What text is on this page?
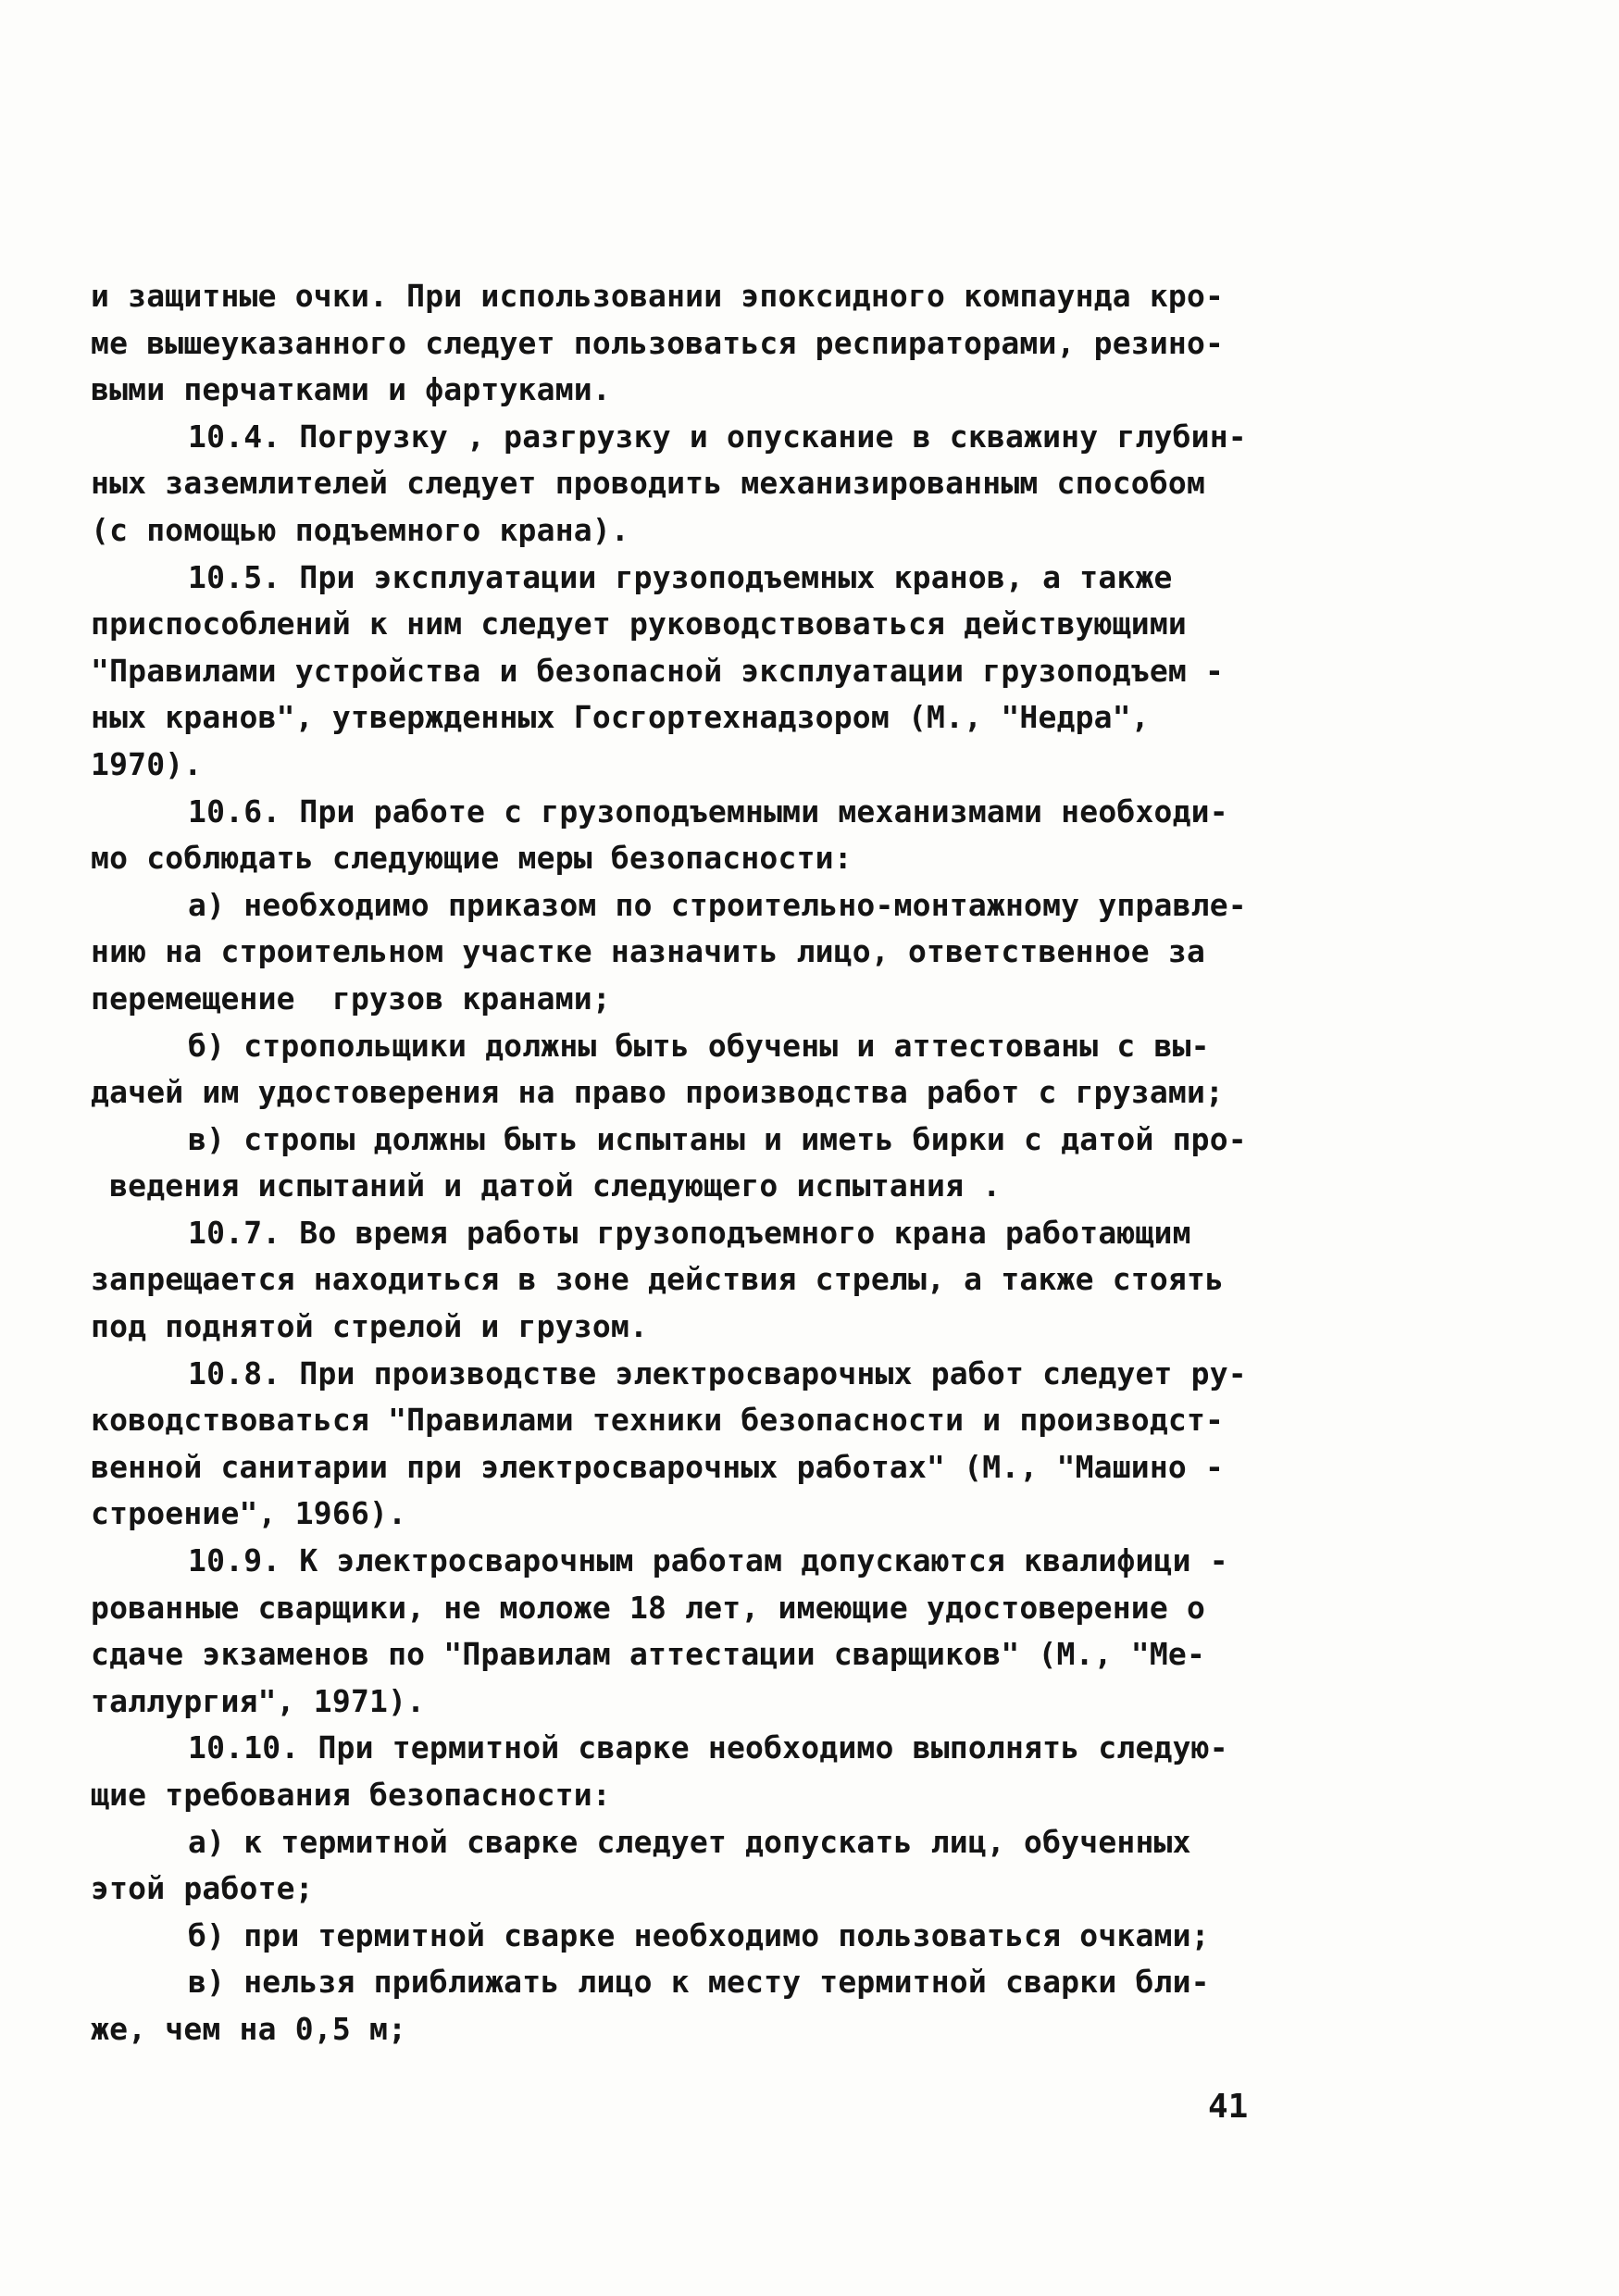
и защитные очки. При использовании эпоксидного компаунда кро-
ме вышеуказанного следует пользоваться респираторами, резино-
выми перчатками и фартуками.
10.4. Погрузку , разгрузку и опускание в скважину глубин-
ных заземлителей следует проводить механизированным способом
(с помощью подъемного крана).
10.5. При эксплуатации грузоподъемных кранов, а также
приспособлений к ним следует руководствоваться действующими
"Правилами устройства и безопасной эксплуатации грузоподъем -
ных кранов", утвержденных Госгортехнадзором (М., "Недра",
1970).
10.6. При работе с грузоподъемными механизмами необходи-
мо соблюдать следующие меры безопасности:
а) необходимо приказом по строительно-монтажному управле-
нию на строительном участке назначить лицо, ответственное за
перемещение  грузов кранами;
б) стропольщики должны быть обучены и аттестованы с вы-
дачей им удостоверения на право производства работ с грузами;
в) стропы должны быть испытаны и иметь бирки с датой про-
ведения испытаний и датой следующего испытания .
10.7. Во время работы грузоподъемного крана работающим
запрещается находиться в зоне действия стрелы, а также стоять
под поднятой стрелой и грузом.
10.8. При производстве электросварочных работ следует ру-
ководствоваться "Правилами техники безопасности и производст-
венной санитарии при электросварочных работах" (М., "Машино -
строение", 1966).
10.9. К электросварочным работам допускаются квалифици -
рованные сварщики, не моложе 18 лет, имеющие удостоверение о
сдаче экзаменов по "Правилам аттестации сварщиков" (М., "Ме-
таллургия", 1971).
10.10. При термитной сварке необходимо выполнять следую-
щие требования безопасности:
а) к термитной сварке следует допускать лиц, обученных
этой работе;
б) при термитной сварке необходимо пользоваться очками;
в) нельзя приближать лицо к месту термитной сварки бли-
же, чем на 0,5 м;
41
